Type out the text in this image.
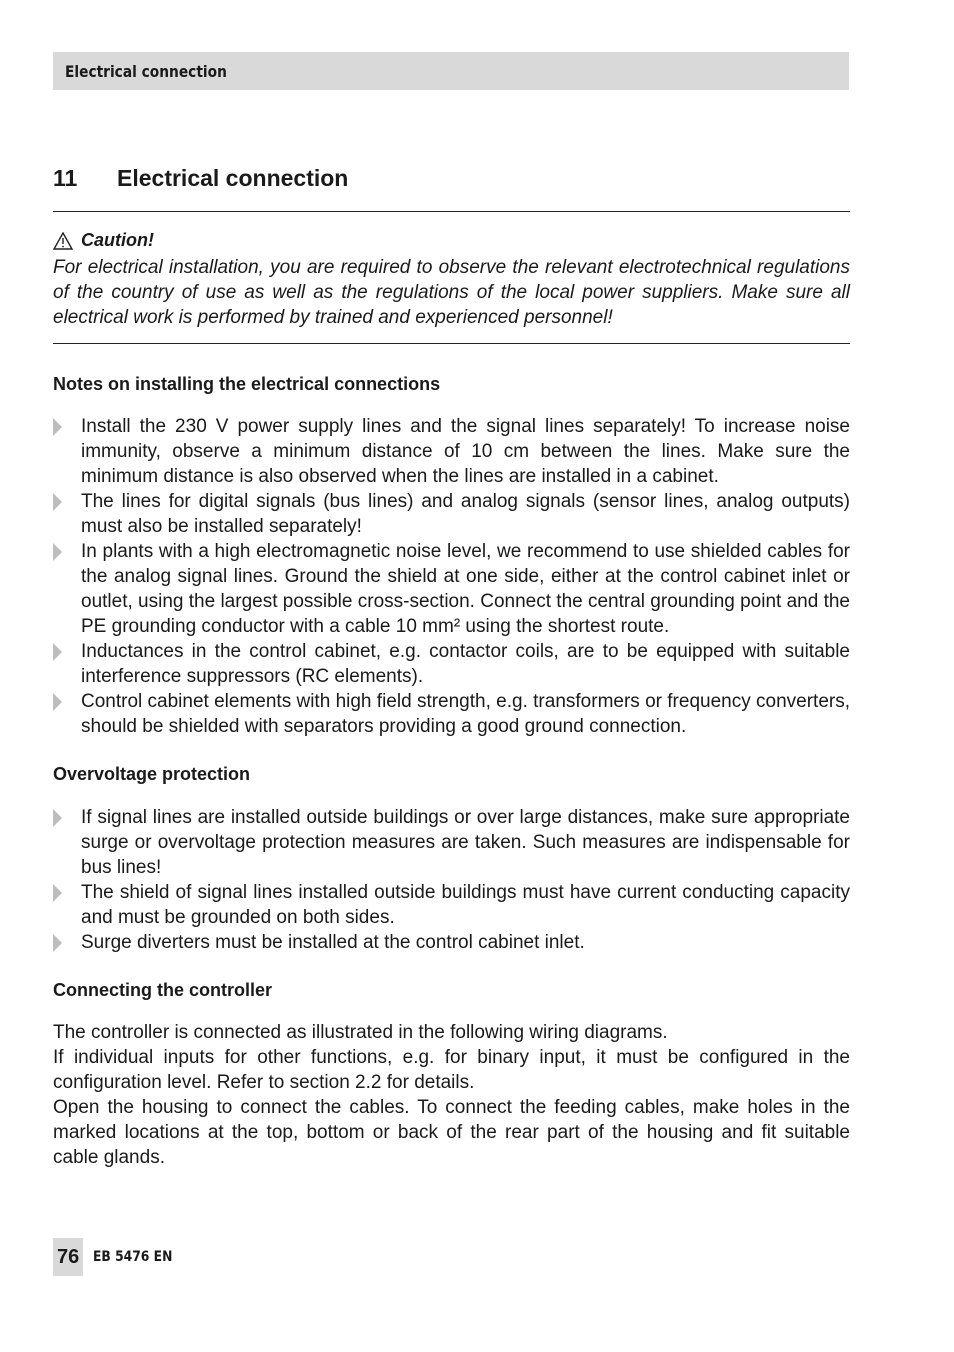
Electrical connection
11	Electrical connection
Caution!

For electrical installation, you are required to observe the relevant electrotechnical regulations of the country of use as well as the regulations of the local power suppliers. Make sure all electrical work is performed by trained and experienced personnel!

Notes on installing the electrical connections
Install the 230 V power supply lines and the signal lines separately! To increase noise immunity, observe a minimum distance of 10 cm between the lines. Make sure the minimum distance is also observed when the lines are installed in a cabinet.
The lines for digital signals (bus lines) and analog signals (sensor lines, analog outputs) must also be installed separately!
In plants with a high electromagnetic noise level, we recommend to use shielded cables for the analog signal lines. Ground the shield at one side, either at the control cabinet inlet or outlet, using the largest possible cross-section. Connect the central grounding point and the PE grounding conductor with a cable 10 mm² using the shortest route.
Inductances in the control cabinet, e.g. contactor coils, are to be equipped with suitable interference suppressors (RC elements).
Control cabinet elements with high field strength, e.g. transformers or frequency converters, should be shielded with separators providing a good ground connection.
Overvoltage protection
If signal lines are installed outside buildings or over large distances, make sure appropriate surge or overvoltage protection measures are taken. Such measures are indispensable for bus lines!
The shield of signal lines installed outside buildings must have current conducting capacity and must be grounded on both sides.
Surge diverters must be installed at the control cabinet inlet.
Connecting the controller

The controller is connected as illustrated in the following wiring diagrams.

If individual inputs for other functions, e.g. for binary input, it must be configured in the configuration level. Refer to section 2.2 for details.

Open the housing to connect the cables. To connect the feeding cables, make holes in the marked locations at the top, bottom or back of the rear part of the housing and fit suitable cable glands.

76 EB 5476 EN
